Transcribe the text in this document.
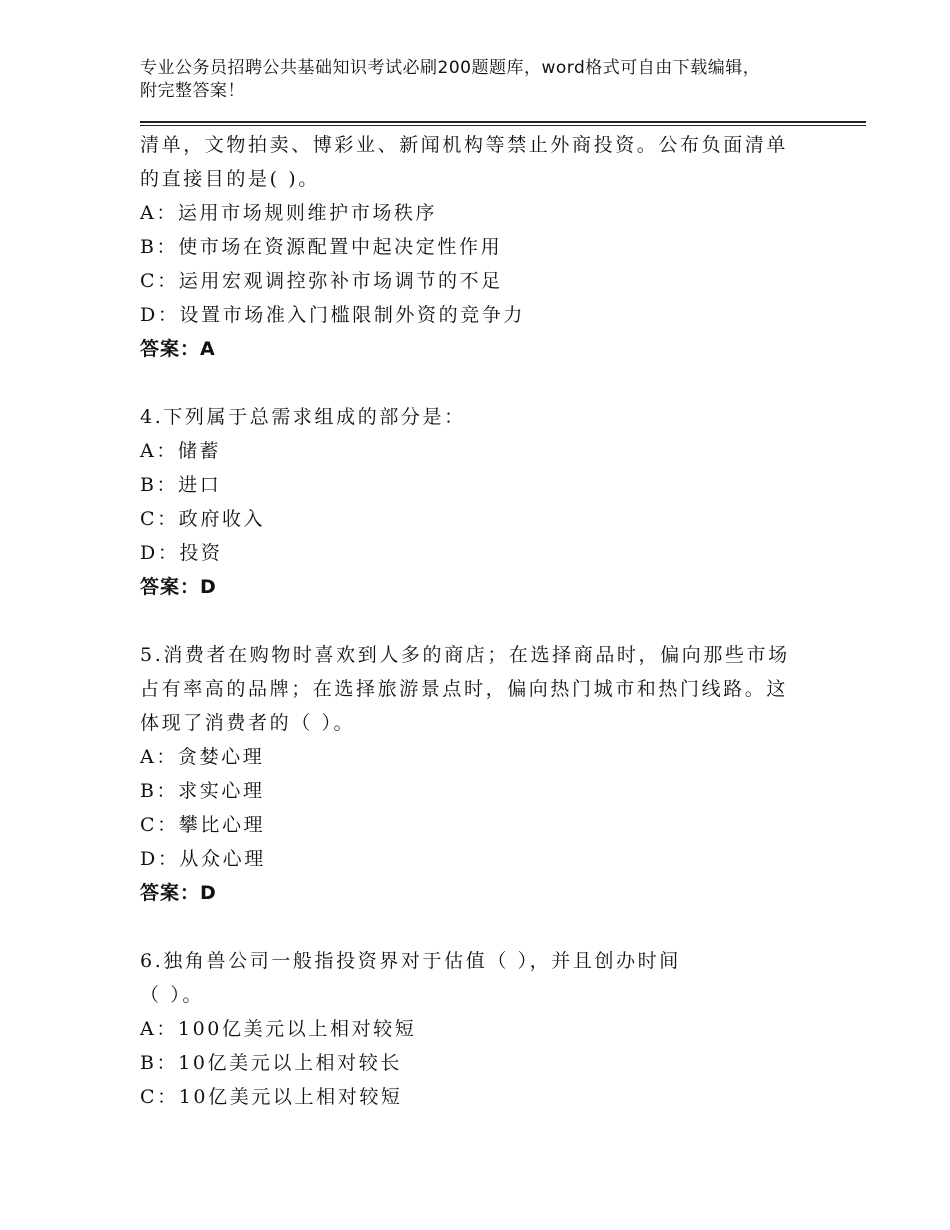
专业公务员招聘公共基础知识考试必刷200题题库，word格式可自由下载编辑，
附完整答案！
清单，文物拍卖、博彩业、新闻机构等禁止外商投资。公布负面清单
的直接目的是( )。
A：运用市场规则维护市场秩序
B：使市场在资源配置中起决定性作用
C：运用宏观调控弥补市场调节的不足
D：设置市场准入门槛限制外资的竞争力
答案：A
4.下列属于总需求组成的部分是：
A：储蓄
B：进口
C：政府收入
D：投资
答案：D
5.消费者在购物时喜欢到人多的商店；在选择商品时，偏向那些市场
占有率高的品牌；在选择旅游景点时，偏向热门城市和热门线路。这
体现了消费者的（ ）。
A：贪婪心理
B：求实心理
C：攀比心理
D：从众心理
答案：D
6.独角兽公司一般指投资界对于估值（ ），并且创办时间
（ ）。
A：100亿美元以上相对较短
B：10亿美元以上相对较长
C：10亿美元以上相对较短
